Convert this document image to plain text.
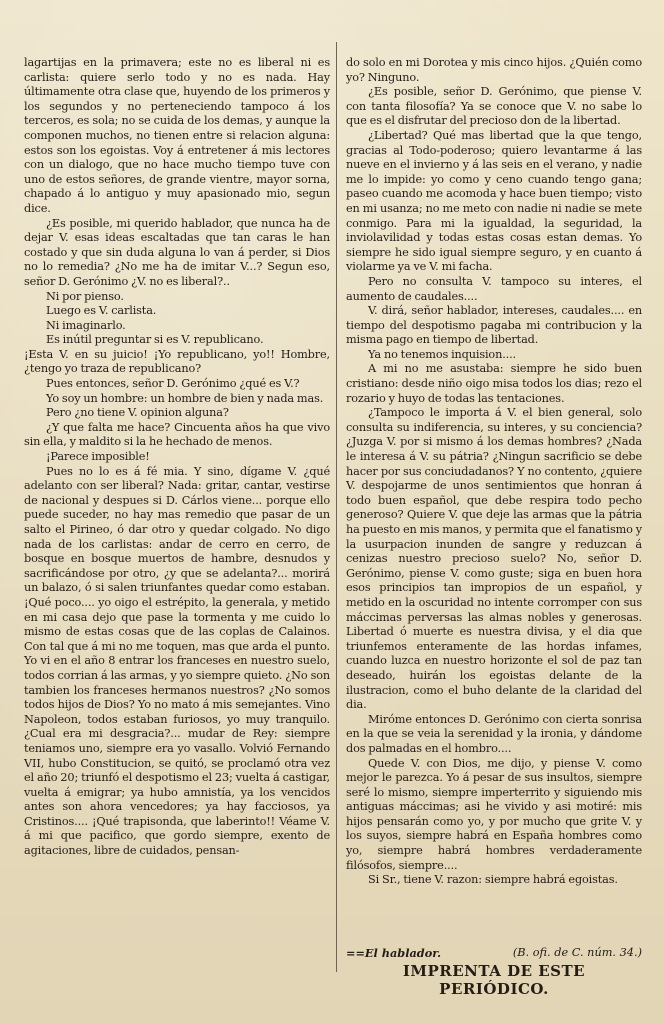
lagartijas en la primavera; este no es liberal ni es carlista: quiere serlo todo y no es nada. Hay últimamente otra clase que, huyendo de los primeros y los segundos y no perteneciendo tampoco á los terceros, es sola; no se cuida de los demas, y aunque la componen muchos, no tienen entre si relacion alguna: estos son los egoistas. Voy á entretener á mis lectores con un dialogo, que no hace mucho tiempo tuve con uno de estos señores, de grande vientre, mayor sorna, chapado á lo antiguo y muy apasionado mio, segun dice.

¿Es posible, mi querido hablador, que nunca ha de dejar V. esas ideas escaltadas que tan caras le han costado y que sin duda alguna lo van á perder, si Dios no lo remedia? ¿No me ha de imitar V...? Segun eso, señor D. Gerónimo ¿V. no es liberal?..

Ni por pienso.

Luego es V. carlista.

Ni imaginarlo.

Es inútil preguntar si es V. republicano.

¡Esta V. en su juicio! ¡Yo republicano, yo!! Hombre, ¿tengo yo traza de republicano?

Pues entonces, señor D. Gerónimo ¿qué es V.?

Yo soy un hombre: un hombre de bien y nada mas.

Pero ¿no tiene V. opinion alguna?

¿Y que falta me hace? Cincuenta años ha que vivo sin ella, y maldito si la he hechado de menos.

¡Parece imposible!

Pues no lo es á fé mia. Y sino, dígame V. ¿qué adelanto con ser liberal? Nada: gritar, cantar, vestirse de nacional y despues si D. Cárlos viene... porque ello puede suceder, no hay mas remedio que pasar de un salto el Pirineo, ó dar otro y quedar colgado. No digo nada de los carlistas: andar de cerro en cerro, de bosque en bosque muertos de hambre, desnudos y sacrificándose por otro, ¿y que se adelanta?... morirá un balazo, ó si salen triunfantes quedar como estaban. ¡Qué poco.... yo oigo el estrépito, la generala, y metido en mi casa dejo que pase la tormenta y me cuido lo mismo de estas cosas que de las coplas de Calainos. Con tal que á mi no me toquen, mas que arda el punto. Yo vi en el año 8 entrar los franceses en nuestro suelo, todos corrian á las armas, y yo siempre quieto. ¿No son tambien los franceses hermanos nuestros? ¿No somos todos hijos de Dios? Yo no mato á mis semejantes. Vino Napoleon, todos estaban furiosos, yo muy tranquilo. ¿Cual era mi desgracia?... mudar de Rey: siempre teniamos uno, siempre era yo vasallo. Volvió Fernando VII, hubo Constitucion, se quitó, se proclamó otra vez el año 20; triunfó el despotismo el 23; vuelta á castigar, vuelta á emigrar; ya hubo amnistía, ya los vencidos antes son ahora vencedores; ya hay facciosos, ya Cristinos.... ¡Qué trapisonda, que laberinto!! Véame V. á mi que pacifico, que gordo siempre, exento de agitaciones, libre de cuidados, pensan-

do solo en mi Dorotea y mis cinco hijos. ¿Quién como yo? Ninguno.

¿Es posible, señor D. Gerónimo, que piense V. con tanta filosofía? Ya se conoce que V. no sabe lo que es el disfrutar del precioso don de la libertad.

¿Libertad? Qué mas libertad que la que tengo, gracias al Todo-poderoso; quiero levantarme á las nueve en el invierno y á las seis en el verano, y nadie me lo impide: yo como y ceno cuando tengo gana; paseo cuando me acomoda y hace buen tiempo; visto en mi usanza; no me meto con nadie ni nadie se mete conmigo. Para mi la igualdad, la seguridad, la inviolavilidad y todas estas cosas estan demas. Yo siempre he sido igual siempre seguro, y en cuanto á violarme ya ve V. mi facha.

Pero no consulta V. tampoco su interes, el aumento de caudales....

V. dirá, señor hablador, intereses, caudales.... en tiempo del despotismo pagaba mi contribucion y la misma pago en tiempo de libertad.

Ya no tenemos inquision....

A mi no me asustaba: siempre he sido buen cristiano: desde niño oigo misa todos los dias; rezo el rozario y huyo de todas las tentaciones.

¿Tampoco le importa á V. el bien general, solo consulta su indiferencia, su interes, y su conciencia? ¿Juzga V. por si mismo á los demas hombres? ¿Nada le interesa á V. su pátria? ¿Ningun sacrificio se debe hacer por sus conciudadanos? Y no contento, ¿quiere V. despojarme de unos sentimientos que honran á todo buen español, que debe respira todo pecho generoso? Quiere V. que deje las armas que la pátria ha puesto en mis manos, y permita que el fanatismo y la usurpacion inunden de sangre y reduzcan á cenizas nuestro precioso suelo? No, señor D. Gerónimo, piense V. como guste; siga en buen hora esos principios tan impropios de un español, y metido en la oscuridad no intente corromper con sus máccimas perversas las almas nobles y generosas. Libertad ó muerte es nuestra divisa, y el dia que triunfemos enteramente de las hordas infames, cuando luzca en nuestro horizonte el sol de paz tan deseado, huirán los egoistas delante de la ilustracion, como el buho delante de la claridad del dia.

Miróme entonces D. Gerónimo con cierta sonrisa en la que se veia la serenidad y la ironia, y dándome dos palmadas en el hombro....

Quede V. con Dios, me dijo, y piense V. como mejor le parezca. Yo á pesar de sus insultos, siempre seré lo mismo, siempre imperterrito y siguiendo mis antiguas máccimas; asi he vivido y asi motiré: mis hijos pensarán como yo, y por mucho que grite V. y los suyos, siempre habrá en España hombres como yo, siempre habrá hombres verdaderamente filósofos, siempre....

Si Sr., tiene V. razon: siempre habrá egoistas.

==El hablador.	(B. ofi. de C. núm. 34.)
IMPRENTA DE ESTE PERIÓDICO.
